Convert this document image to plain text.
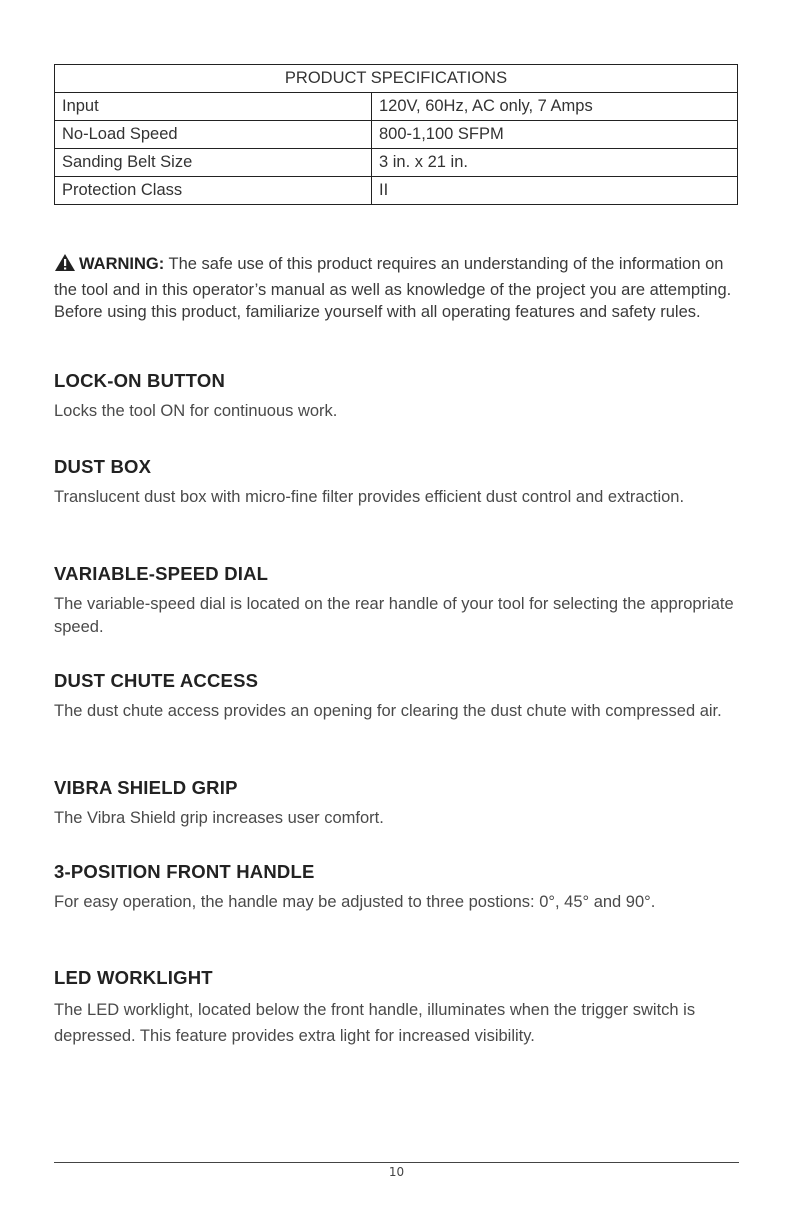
PRODUCT SPECIFICATIONS	
Input	120V, 60Hz, AC only, 7 Amps
No-Load Speed	800-1,100 SFPM
Sanding Belt Size	3 in. x 21 in.
Protection Class	II
WARNING: The safe use of this product requires an understanding of the information on the tool and in this operator’s manual as well as knowledge of the project you are attempting. Before using this product, familiarize yourself with all operating features and safety rules.
LOCK-ON BUTTON

Locks the tool ON for continuous work.

DUST BOX

Translucent dust box with micro-fine filter provides efficient dust control and extraction.

VARIABLE-SPEED DIAL

The variable-speed dial is located on the rear handle of your tool for selecting the appropriate speed.

DUST CHUTE ACCESS

The dust chute access provides an opening for clearing the dust chute with compressed air.

VIBRA SHIELD GRIP

The Vibra Shield grip increases user comfort.

3-POSITION FRONT HANDLE

For easy operation, the handle may be adjusted to three postions: 0°, 45° and 90°.

LED WORKLIGHT

The LED worklight, located below the front handle, illuminates when the trigger switch is depressed. This feature provides extra light for increased visibility.

10
